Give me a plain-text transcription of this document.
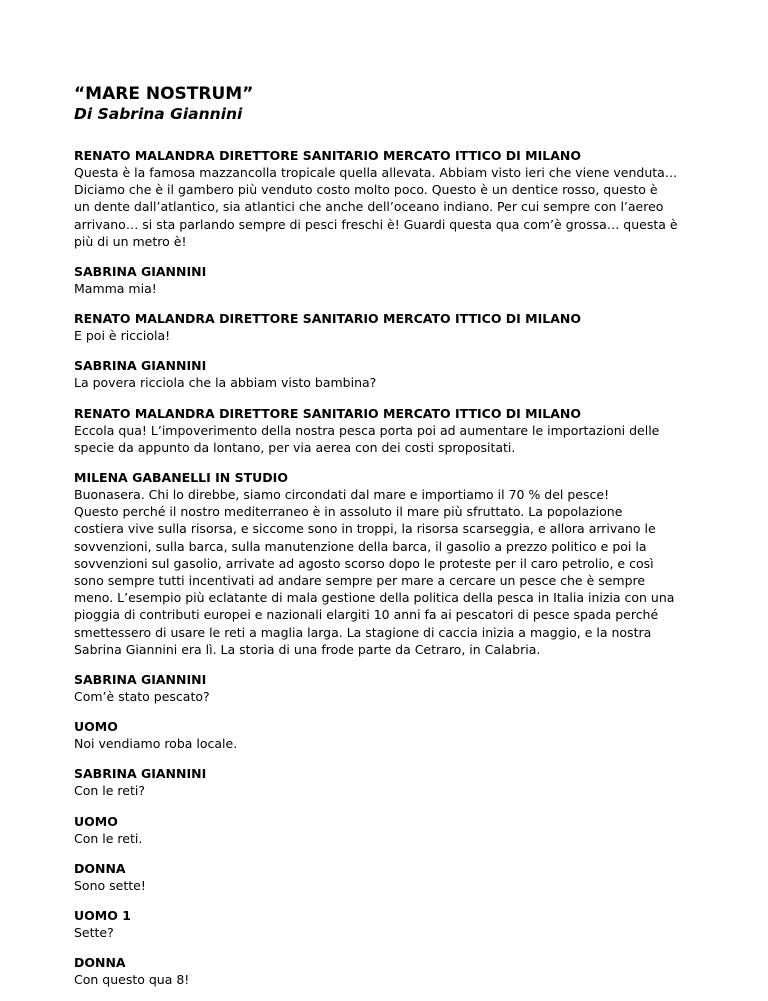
“MARE NOSTRUM”
Di Sabrina Giannini

RENATO MALANDRA DIRETTORE SANITARIO MERCATO ITTICO DI MILANO

Questa è la famosa mazzancolla tropicale quella allevata. Abbiam visto ieri che viene venduta…
Diciamo che è il gambero più venduto costo molto poco. Questo è un dentice rosso, questo è
un dente dall’atlantico, sia atlantici che anche dell’oceano indiano. Per cui sempre con l’aereo
arrivano… si sta parlando sempre di pesci freschi è! Guardi questa qua com’è grossa… questa è
più di un metro è!

SABRINA GIANNINI

Mamma mia!

RENATO MALANDRA DIRETTORE SANITARIO MERCATO ITTICO DI MILANO

E poi è ricciola!

SABRINA GIANNINI

La povera ricciola che la abbiam visto bambina?

RENATO MALANDRA DIRETTORE SANITARIO MERCATO ITTICO DI MILANO

Eccola qua! L’impoverimento della nostra pesca porta poi ad aumentare le importazioni delle
specie da appunto da lontano, per via aerea con dei costi spropositati.

MILENA GABANELLI IN STUDIO

Buonasera. Chi lo direbbe, siamo circondati dal mare e importiamo il 70 % del pesce!
Questo perché il nostro mediterraneo è in assoluto il mare più sfruttato. La popolazione
costiera vive sulla risorsa, e siccome sono in troppi, la risorsa scarseggia, e allora arrivano le
sovvenzioni, sulla barca, sulla manutenzione della barca, il gasolio a prezzo politico e poi la
sovvenzioni sul gasolio, arrivate ad agosto scorso dopo le proteste per il caro petrolio, e così
sono sempre tutti incentivati ad andare sempre per mare a cercare un pesce che è sempre
meno. L’esempio più eclatante di mala gestione della politica della pesca in Italia inizia con una
pioggia di contributi europei e nazionali elargiti 10 anni fa ai pescatori di pesce spada perché
smettessero di usare le reti a maglia larga. La stagione di caccia inizia a maggio, e la nostra
Sabrina Giannini era lì. La storia di una frode parte da Cetraro, in Calabria.

SABRINA GIANNINI

Com’è stato pescato?

UOMO

Noi vendiamo roba locale.

SABRINA GIANNINI

Con le reti?

UOMO

Con le reti.

DONNA

Sono sette!

UOMO 1

Sette?

DONNA

Con questo qua 8!
